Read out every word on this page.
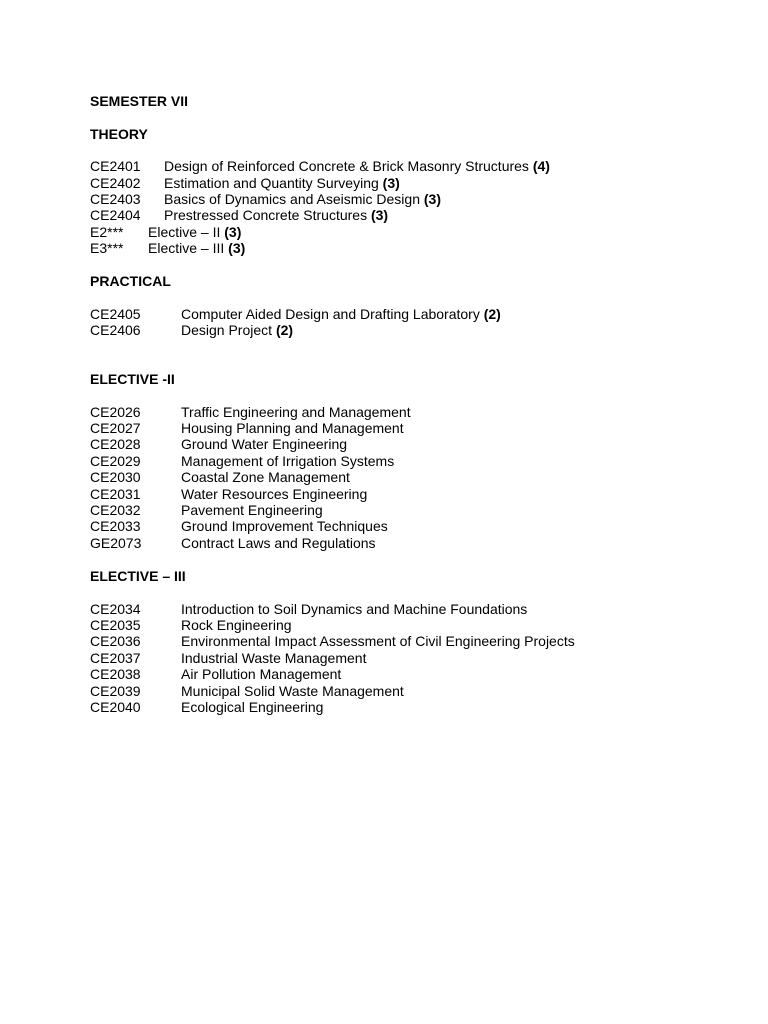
SEMESTER VII
THEORY
CE2401 Design of Reinforced Concrete & Brick Masonry Structures (4)
CE2402 Estimation and Quantity Surveying (3)
CE2403 Basics of Dynamics and Aseismic Design (3)
CE2404 Prestressed Concrete Structures (3)
E2*** Elective – II (3)
E3*** Elective – III (3)
PRACTICAL
CE2405	Computer Aided Design and Drafting Laboratory (2)
CE2406	Design Project (2)
ELECTIVE -II
CE2026	Traffic Engineering and Management
CE2027	Housing Planning and Management
CE2028	Ground Water Engineering
CE2029	Management of Irrigation Systems
CE2030	Coastal Zone Management
CE2031	Water Resources Engineering
CE2032	Pavement Engineering
CE2033	Ground Improvement Techniques
GE2073	Contract Laws and Regulations
ELECTIVE – III
CE2034	Introduction to Soil Dynamics and Machine Foundations
CE2035	Rock Engineering
CE2036	Environmental Impact Assessment of Civil Engineering Projects
CE2037	Industrial Waste Management
CE2038	Air Pollution Management
CE2039	Municipal Solid Waste Management
CE2040	Ecological Engineering
